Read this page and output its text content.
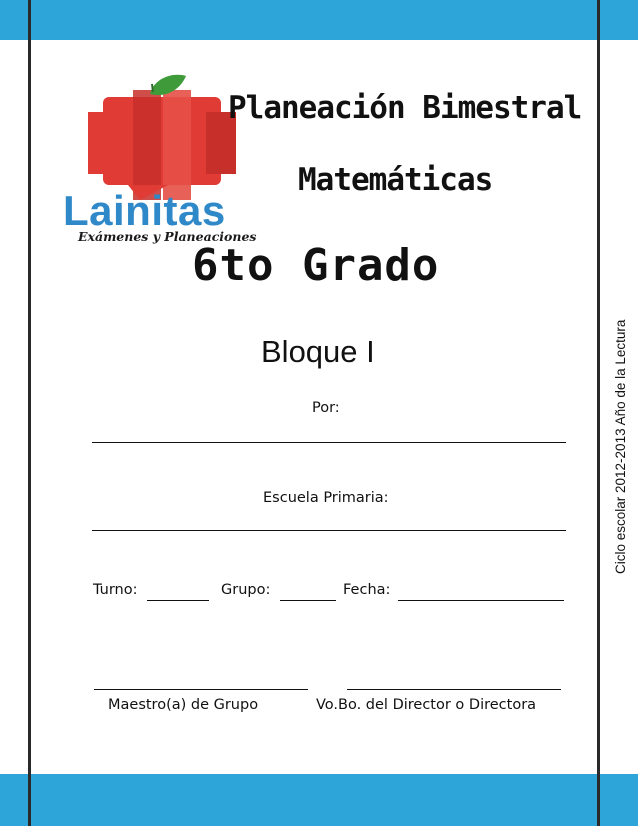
Lainitas
Exámenes y Planeaciones
Planeación Bimestral
Matemáticas
6to Grado
Bloque I
Por:
Escuela Primaria:
Turno:	Grupo:	Fecha:
Maestro(a) de Grupo	Vo.Bo. del Director o Directora
Ciclo escolar 2012-2013 Año de la Lectura
